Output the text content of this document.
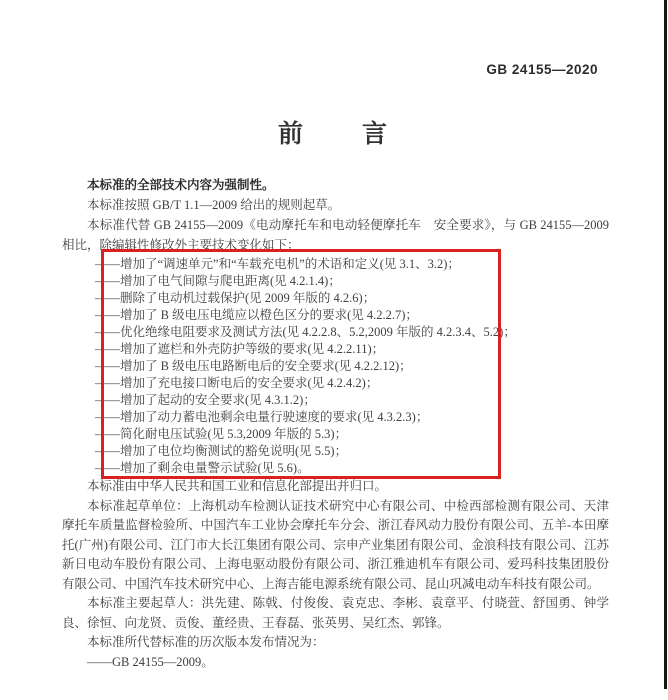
GB 24155—2020
前　　言

本标准的全部技术内容为强制性。

本标准按照 GB/T 1.1—2009 给出的规则起草。

本标准代替 GB 24155—2009《电动摩托车和电动轻便摩托车　安全要求》，与 GB 24155—2009 相比，除编辑性修改外主要技术变化如下：

——增加了“调速单元”和“车载充电机”的术语和定义(见 3.1、3.2)；

——增加了电气间隙与爬电距离(见 4.2.1.4)；

——删除了电动机过载保护(见 2009 年版的 4.2.6)；

——增加了 B 级电压电缆应以橙色区分的要求(见 4.2.2.7)；

——优化绝缘电阻要求及测试方法(见 4.2.2.8、5.2,2009 年版的 4.2.3.4、5.2)；

——增加了遮栏和外壳防护等级的要求(见 4.2.2.11)；

——增加了 B 级电压电路断电后的安全要求(见 4.2.2.12)；

——增加了充电接口断电后的安全要求(见 4.2.4.2)；

——增加了起动的安全要求(见 4.3.1.2)；

——增加了动力蓄电池剩余电量行驶速度的要求(见 4.3.2.3)；

——简化耐电压试验(见 5.3,2009 年版的 5.3)；

——增加了电位均衡测试的豁免说明(见 5.5)；

——增加了剩余电量警示试验(见 5.6)。

本标准由中华人民共和国工业和信息化部提出并归口。

本标准起草单位：上海机动车检测认证技术研究中心有限公司、中检西部检测有限公司、天津摩托车质量监督检验所、中国汽车工业协会摩托车分会、浙江春风动力股份有限公司、五羊-本田摩托(广州)有限公司、江门市大长江集团有限公司、宗申产业集团有限公司、金浪科技有限公司、江苏新日电动车股份有限公司、上海电驱动股份有限公司、浙江雅迪机车有限公司、爱玛科技集团股份有限公司、中国汽车技术研究中心、上海吉能电源系统有限公司、昆山巩减电动车科技有限公司。

本标准主要起草人：洪先建、陈戟、付俊俊、袁克忠、李彬、袁章平、付晓萱、舒国勇、钟学良、徐恒、向龙贤、贡俊、董经贵、王春磊、张英男、吴红杰、郭锋。

本标准所代替标准的历次版本发布情况为：

——GB 24155—2009。
